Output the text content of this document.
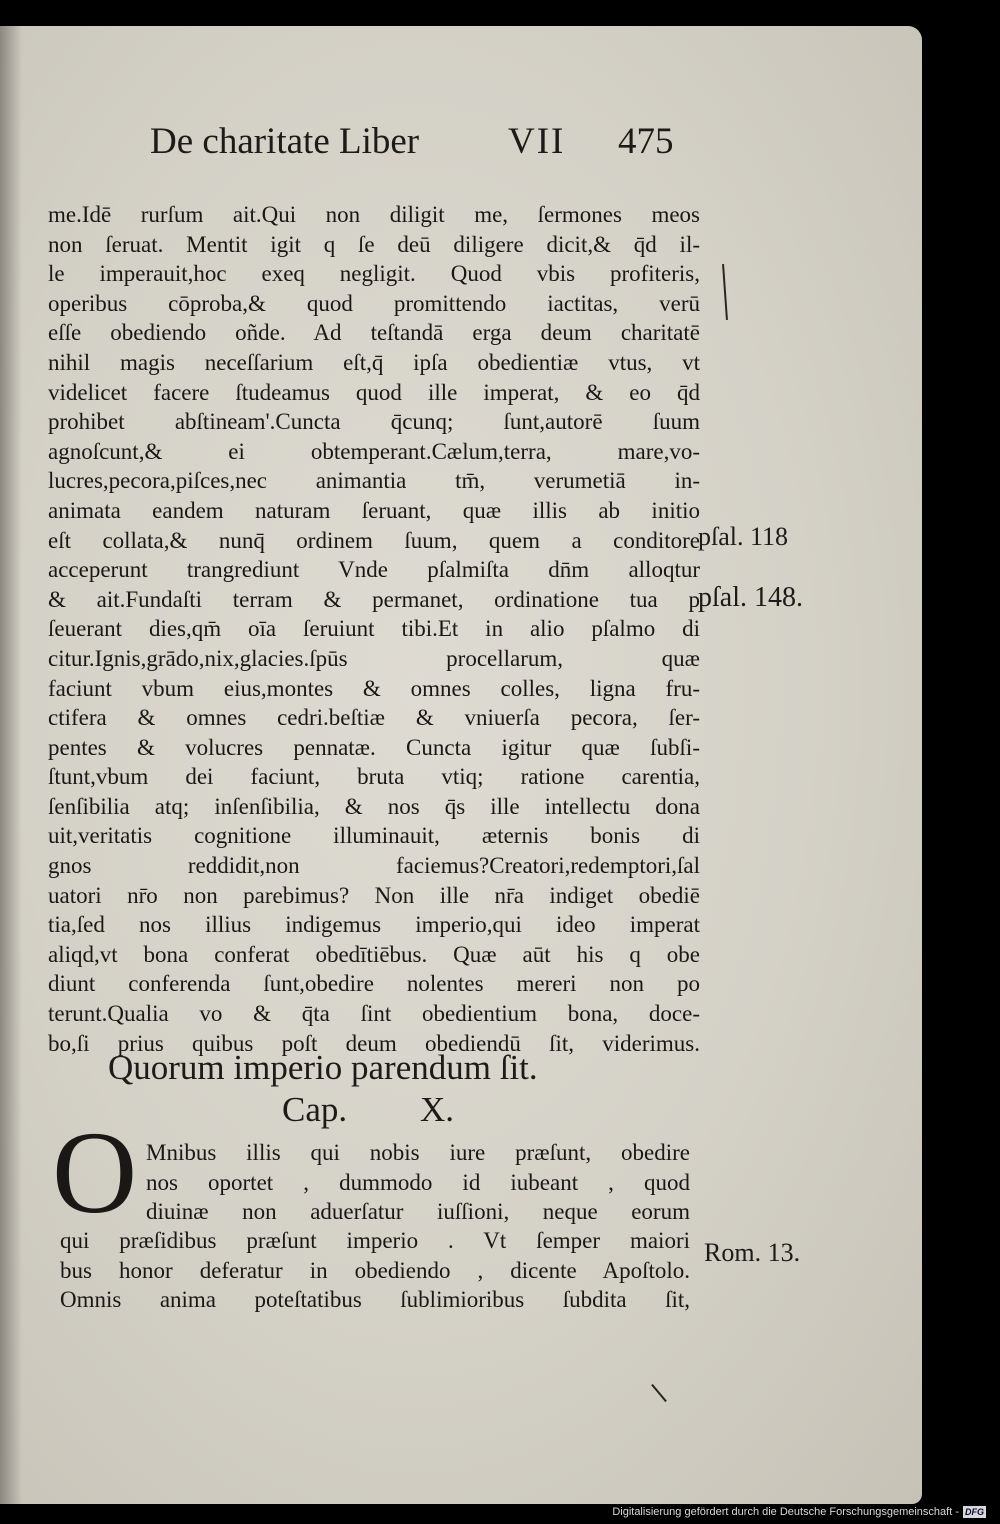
De charitate Liber VII 475
me.Idē rurſum ait.Qui non diligit me, ſermones meos
non ſeruat. Mentit igit q ſe deū diligere dicit,& q̄d il-
le imperauit,hoc exeq negligit. Quod vbis profiteris,
operibus cōproba,& quod promittendo iactitas, verū
eſſe obediendo oñde. Ad teſtandā erga deum charitatē
nihil magis neceſſarium eſt,q̄ ipſa obedientiæ vtus, vt
videlicet facere ſtudeamus quod ille imperat, & eo q̄d
prohibet abſtineam'.Cuncta q̄cunq; ſunt,autorē ſuum
agnoſcunt,& ei obtemperant.Cælum,terra, mare,vo-
lucres,pecora,piſces,nec animantia tm̄, verumetiā in-
animata eandem naturam ſeruant, quæ illis ab initio
eſt collata,& nunq̄ ordinem ſuum, quem a conditore
acceperunt trangrediunt Vnde pſalmiſta dn̄m alloqtur
& ait.Fundaſti terram & permanet, ordinatione tua p
ſeuerant dies,qm̄ oīa ſeruiunt tibi.Et in alio pſalmo di
citur.Ignis,grādo,nix,glacies.ſpūs procellarum, quæ
faciunt vbum eius,montes & omnes colles, ligna fru-
ctifera & omnes cedri.beſtiæ & vniuerſa pecora, ſer-
pentes & volucres pennatæ. Cuncta igitur quæ ſubſi-
ſtunt,vbum dei faciunt, bruta vtiq; ratione carentia,
ſenſibilia atq; inſenſibilia, & nos q̄s ille intellectu dona
uit,veritatis cognitione illuminauit, æternis bonis di
gnos reddidit,non faciemus?Creatori,redemptori,ſal
uatori nr̄o non parebimus? Non ille nr̄a indiget obediē
tia,ſed nos illius indigemus imperio,qui ideo imperat
aliqd,vt bona conferat obedītiēbus. Quæ aūt his q obe
diunt conferenda ſunt,obedire nolentes mereri non po
terunt.Qualia vo & q̄ta ſint obedientium bona, doce-
bo,ſi prius quibus poſt deum obediendū ſit, viderimus.
Quorum imperio parendum ſit.
Cap. X.
O Mnibus illis qui nobis iure præſunt, obedire
nos oportet , dummodo id iubeant , quod
diuinæ non aduerſatur iuſſioni, neque eorum
qui præſidibus præſunt imperio . Vt ſemper maiori
bus honor deferatur in obediendo , dicente Apoſtolo.
Omnis anima poteſtatibus ſublimioribus ſubdita ſit,
pſal. 118
pſal. 148.
Rom. 13.
Digitalisierung gefördert durch die Deutsche Forschungsgemeinschaft - DFG
